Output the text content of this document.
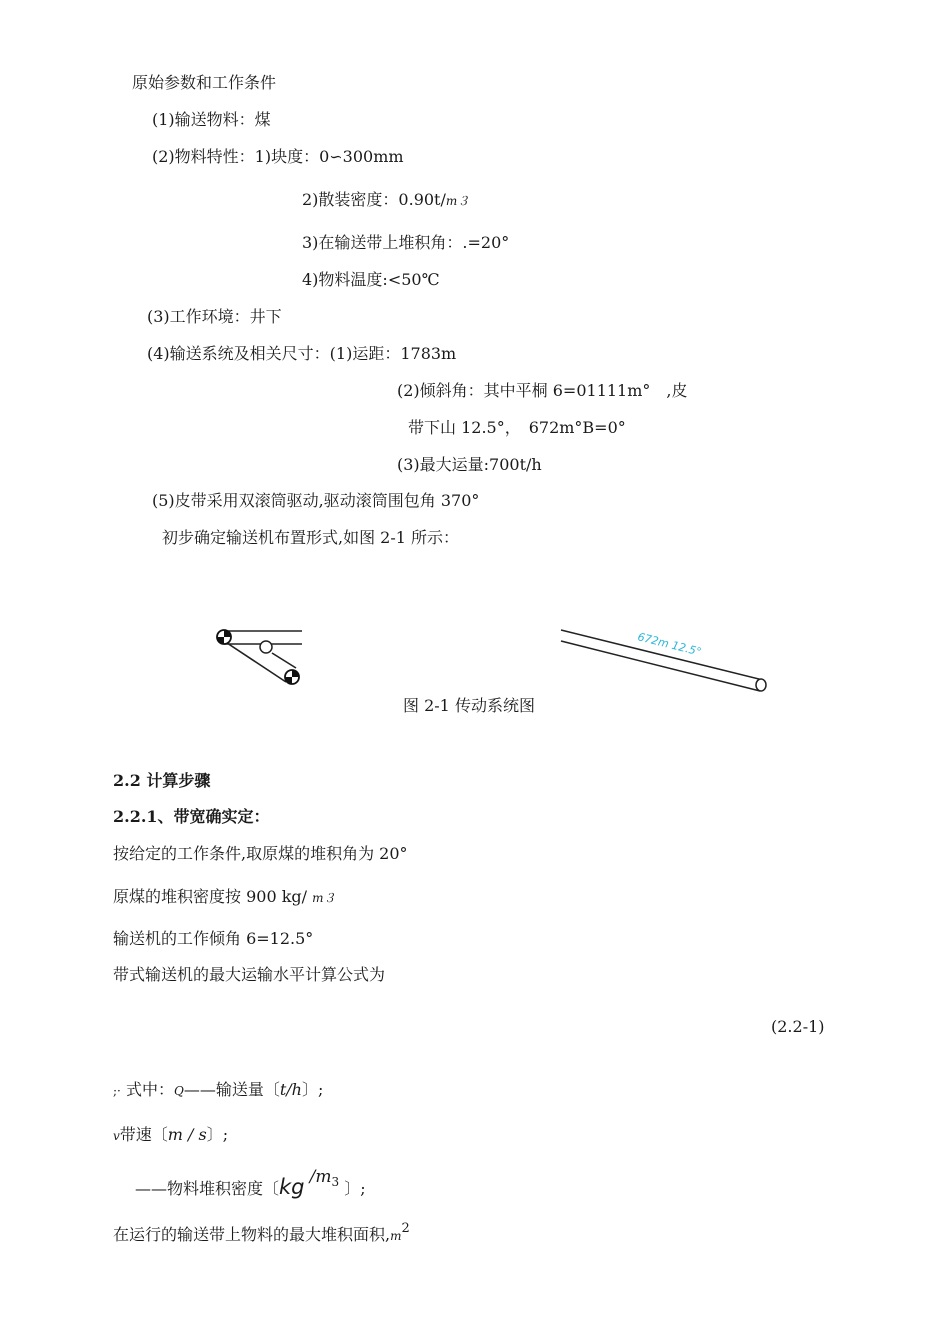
原始参数和工作条件
(1)输送物料：煤
(2)物料特性：1)块度：0∽300mm
2)散装密度：0.90t/m３
3)在输送带上堆积角：.=20°
4)物料温度:<50℃
(3)工作环境：井下
(4)输送系统及相关尺寸：(1)运距：1783m
(2)倾斜角：其中平桐 6=01111m°　,皮
带下山 12.5°，　672m°B=0°
(3)最大运量:700t/h
(5)皮带采用双滚筒驱动,驱动滚筒围包角 370°
初步确定输送机布置形式,如图 2-1 所示：
672m 12.5°
图 2-1 传动系统图
2.2 计算步骤
2.2.1、带宽确实定：
按给定的工作条件,取原煤的堆积角为 20°
原煤的堆积密度按 900 kg/ m３
输送机的工作倾角 6=12.5°
带式输送机的最大运输水平计算公式为
(2.2-1)
;· 式中：Q——输送量〔t/h〕;
v带速〔m ∕ s〕;
——物料堆积密度〔kg $/m^3$ 〕;
在运行的输送带上物料的最大堆积面积$,m^2$
